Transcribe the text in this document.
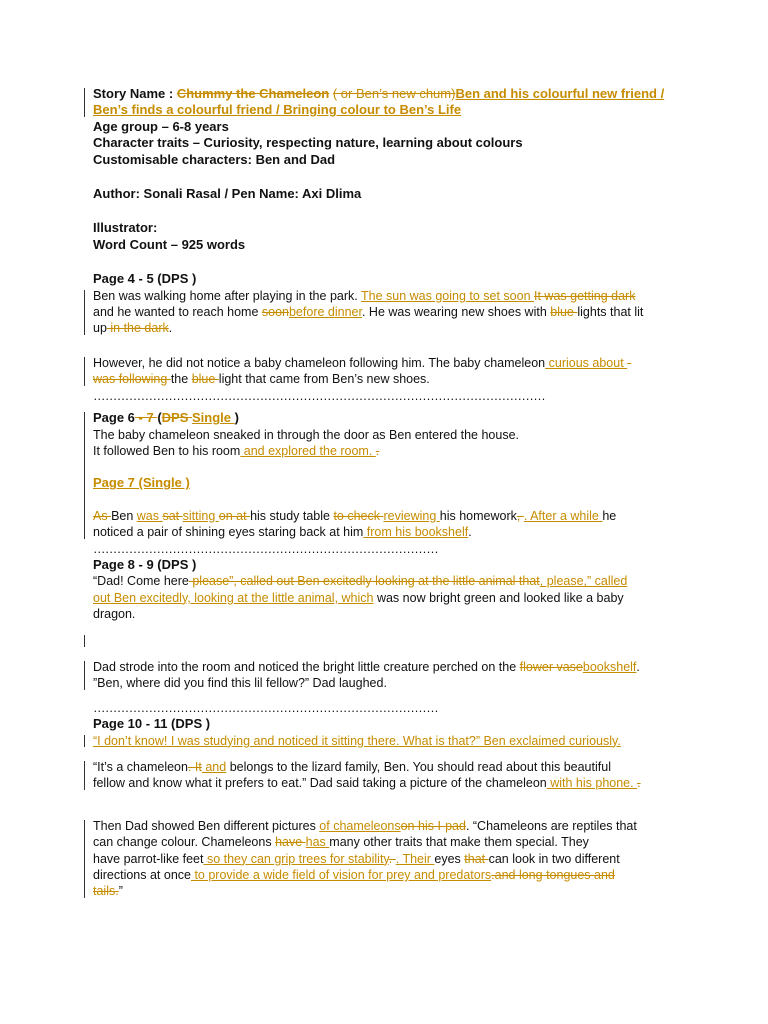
Story Name : Chummy the Chameleon ( or Ben’s new chum)Ben and his colourful new friend /
Ben’s finds a colourful friend / Bringing colour to Ben’s Life
Age group – 6-8 years
Character traits – Curiosity, respecting nature, learning about colours
Customisable characters: Ben and Dad
Author: Sonali Rasal / Pen Name: Axi Dlima
Illustrator:
Word Count – 925 words
Page 4 - 5 (DPS )
Ben was walking home after playing in the park. The sun was going to set soon It was getting dark
and he wanted to reach home soonbefore dinner. He was wearing new shoes with blue lights that lit
up in the dark.
However, he did not notice a baby chameleon following him. The baby chameleon curious about -
was following the blue light that came from Ben’s new shoes.
……………………………………………………………………………………………………
Page 6 - 7 (DPS Single )
The baby chameleon sneaked in through the door as Ben entered the house.
It followed Ben to his room and explored the room. .
Page 7 (Single )
As Ben was sat sitting on at his study table to check reviewing his homework, . After a while he
noticed a pair of shining eyes staring back at him from his bookshelf.
……………………………………………………………………………
Page 8 - 9 (DPS )
“Dad! Come here please”, called out Ben excitedly looking at the little animal that, please,” called
out Ben excitedly, looking at the little animal, which was now bright green and looked like a baby
dragon.

Dad strode into the room and noticed the bright little creature perched on the flower vasebookshelf.
”Ben, where did you find this lil fellow?” Dad laughed.
……………………………………………………………………………
Page 10 - 11 (DPS )
“I don’t know! I was studying and noticed it sitting there. What is that?” Ben exclaimed curiously.
“It’s a chameleon. It and belongs to the lizard family, Ben. You should read about this beautiful
fellow and know what it prefers to eat.” Dad said taking a picture of the chameleon with his phone. .
Then Dad showed Ben different pictures of chameleonson his I-pad. “Chameleons are reptiles that
can change colour. Chameleons have has many other traits that make them special. They
have parrot-like feet so they can grip trees for stability. . Their eyes that can look in two different
directions at once to provide a wide field of vision for prey and predators.and long tongues and
tails.”
